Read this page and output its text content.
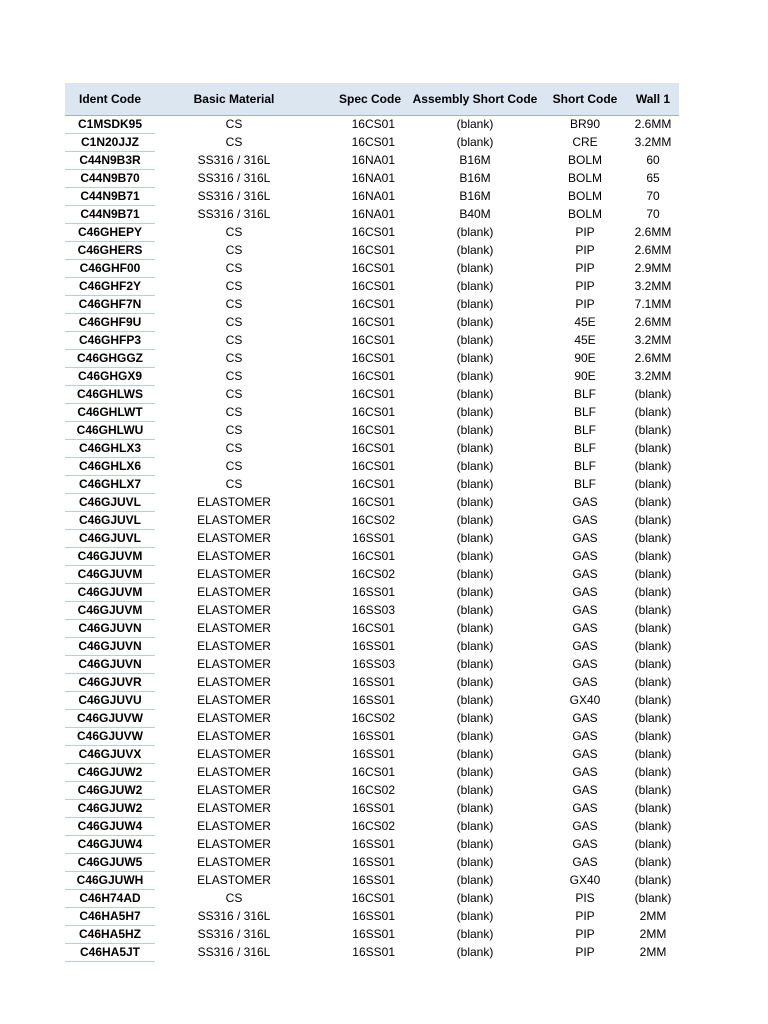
Ident Code	Basic Material	Spec Code	Assembly Short Code	Short Code	Wall 1
C1MSDK95	CS	16CS01	(blank)	BR90	2.6MM
C1N20JJZ	CS	16CS01	(blank)	CRE	3.2MM
C44N9B3R	SS316 / 316L	16NA01	B16M	BOLM	60
C44N9B70	SS316 / 316L	16NA01	B16M	BOLM	65
C44N9B71	SS316 / 316L	16NA01	B16M	BOLM	70
C44N9B71	SS316 / 316L	16NA01	B40M	BOLM	70
C46GHEPY	CS	16CS01	(blank)	PIP	2.6MM
C46GHERS	CS	16CS01	(blank)	PIP	2.6MM
C46GHF00	CS	16CS01	(blank)	PIP	2.9MM
C46GHF2Y	CS	16CS01	(blank)	PIP	3.2MM
C46GHF7N	CS	16CS01	(blank)	PIP	7.1MM
C46GHF9U	CS	16CS01	(blank)	45E	2.6MM
C46GHFP3	CS	16CS01	(blank)	45E	3.2MM
C46GHGGZ	CS	16CS01	(blank)	90E	2.6MM
C46GHGX9	CS	16CS01	(blank)	90E	3.2MM
C46GHLWS	CS	16CS01	(blank)	BLF	(blank)
C46GHLWT	CS	16CS01	(blank)	BLF	(blank)
C46GHLWU	CS	16CS01	(blank)	BLF	(blank)
C46GHLX3	CS	16CS01	(blank)	BLF	(blank)
C46GHLX6	CS	16CS01	(blank)	BLF	(blank)
C46GHLX7	CS	16CS01	(blank)	BLF	(blank)
C46GJUVL	ELASTOMER	16CS01	(blank)	GAS	(blank)
C46GJUVL	ELASTOMER	16CS02	(blank)	GAS	(blank)
C46GJUVL	ELASTOMER	16SS01	(blank)	GAS	(blank)
C46GJUVM	ELASTOMER	16CS01	(blank)	GAS	(blank)
C46GJUVM	ELASTOMER	16CS02	(blank)	GAS	(blank)
C46GJUVM	ELASTOMER	16SS01	(blank)	GAS	(blank)
C46GJUVM	ELASTOMER	16SS03	(blank)	GAS	(blank)
C46GJUVN	ELASTOMER	16CS01	(blank)	GAS	(blank)
C46GJUVN	ELASTOMER	16SS01	(blank)	GAS	(blank)
C46GJUVN	ELASTOMER	16SS03	(blank)	GAS	(blank)
C46GJUVR	ELASTOMER	16SS01	(blank)	GAS	(blank)
C46GJUVU	ELASTOMER	16SS01	(blank)	GX40	(blank)
C46GJUVW	ELASTOMER	16CS02	(blank)	GAS	(blank)
C46GJUVW	ELASTOMER	16SS01	(blank)	GAS	(blank)
C46GJUVX	ELASTOMER	16SS01	(blank)	GAS	(blank)
C46GJUW2	ELASTOMER	16CS01	(blank)	GAS	(blank)
C46GJUW2	ELASTOMER	16CS02	(blank)	GAS	(blank)
C46GJUW2	ELASTOMER	16SS01	(blank)	GAS	(blank)
C46GJUW4	ELASTOMER	16CS02	(blank)	GAS	(blank)
C46GJUW4	ELASTOMER	16SS01	(blank)	GAS	(blank)
C46GJUW5	ELASTOMER	16SS01	(blank)	GAS	(blank)
C46GJUWH	ELASTOMER	16SS01	(blank)	GX40	(blank)
C46H74AD	CS	16CS01	(blank)	PIS	(blank)
C46HA5H7	SS316 / 316L	16SS01	(blank)	PIP	2MM
C46HA5HZ	SS316 / 316L	16SS01	(blank)	PIP	2MM
C46HA5JT	SS316 / 316L	16SS01	(blank)	PIP	2MM
